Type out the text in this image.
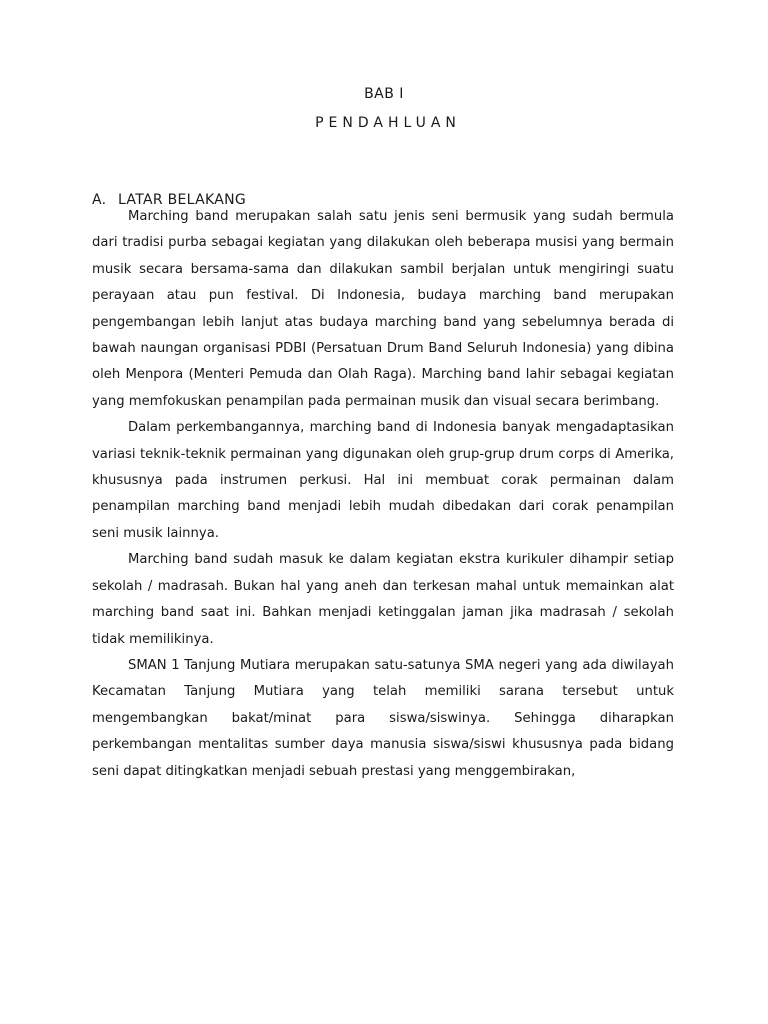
BAB I
PENDAHLUAN
A. LATAR BELAKANG

Marching band merupakan salah satu jenis seni bermusik yang sudah bermula dari tradisi purba sebagai kegiatan yang dilakukan oleh beberapa musisi yang bermain musik secara bersama-sama dan dilakukan sambil berjalan untuk mengiringi suatu perayaan atau pun festival. Di Indonesia, budaya marching band merupakan pengembangan lebih lanjut atas budaya marching band yang sebelumnya berada di bawah naungan organisasi PDBI (Persatuan Drum Band Seluruh Indonesia) yang dibina oleh Menpora (Menteri Pemuda dan Olah Raga). Marching band lahir sebagai kegiatan yang memfokuskan penampilan pada permainan musik dan visual secara berimbang.

Dalam perkembangannya, marching band di Indonesia banyak mengadaptasikan variasi teknik-teknik permainan yang digunakan oleh grup-grup drum corps di Amerika, khususnya pada instrumen perkusi. Hal ini membuat corak permainan dalam penampilan marching band menjadi lebih mudah dibedakan dari corak penampilan seni musik lainnya.

Marching band sudah masuk ke dalam kegiatan ekstra kurikuler dihampir setiap sekolah / madrasah. Bukan hal yang aneh dan terkesan mahal untuk memainkan alat marching band saat ini. Bahkan menjadi ketinggalan jaman jika madrasah / sekolah tidak memilikinya.

SMAN 1 Tanjung Mutiara merupakan satu-satunya SMA negeri yang ada diwilayah Kecamatan Tanjung Mutiara yang telah memiliki sarana tersebut untuk mengembangkan bakat/minat para siswa/siswinya. Sehingga diharapkan perkembangan mentalitas sumber daya manusia siswa/siswi khususnya pada bidang seni dapat ditingkatkan menjadi sebuah prestasi yang menggembirakan,
